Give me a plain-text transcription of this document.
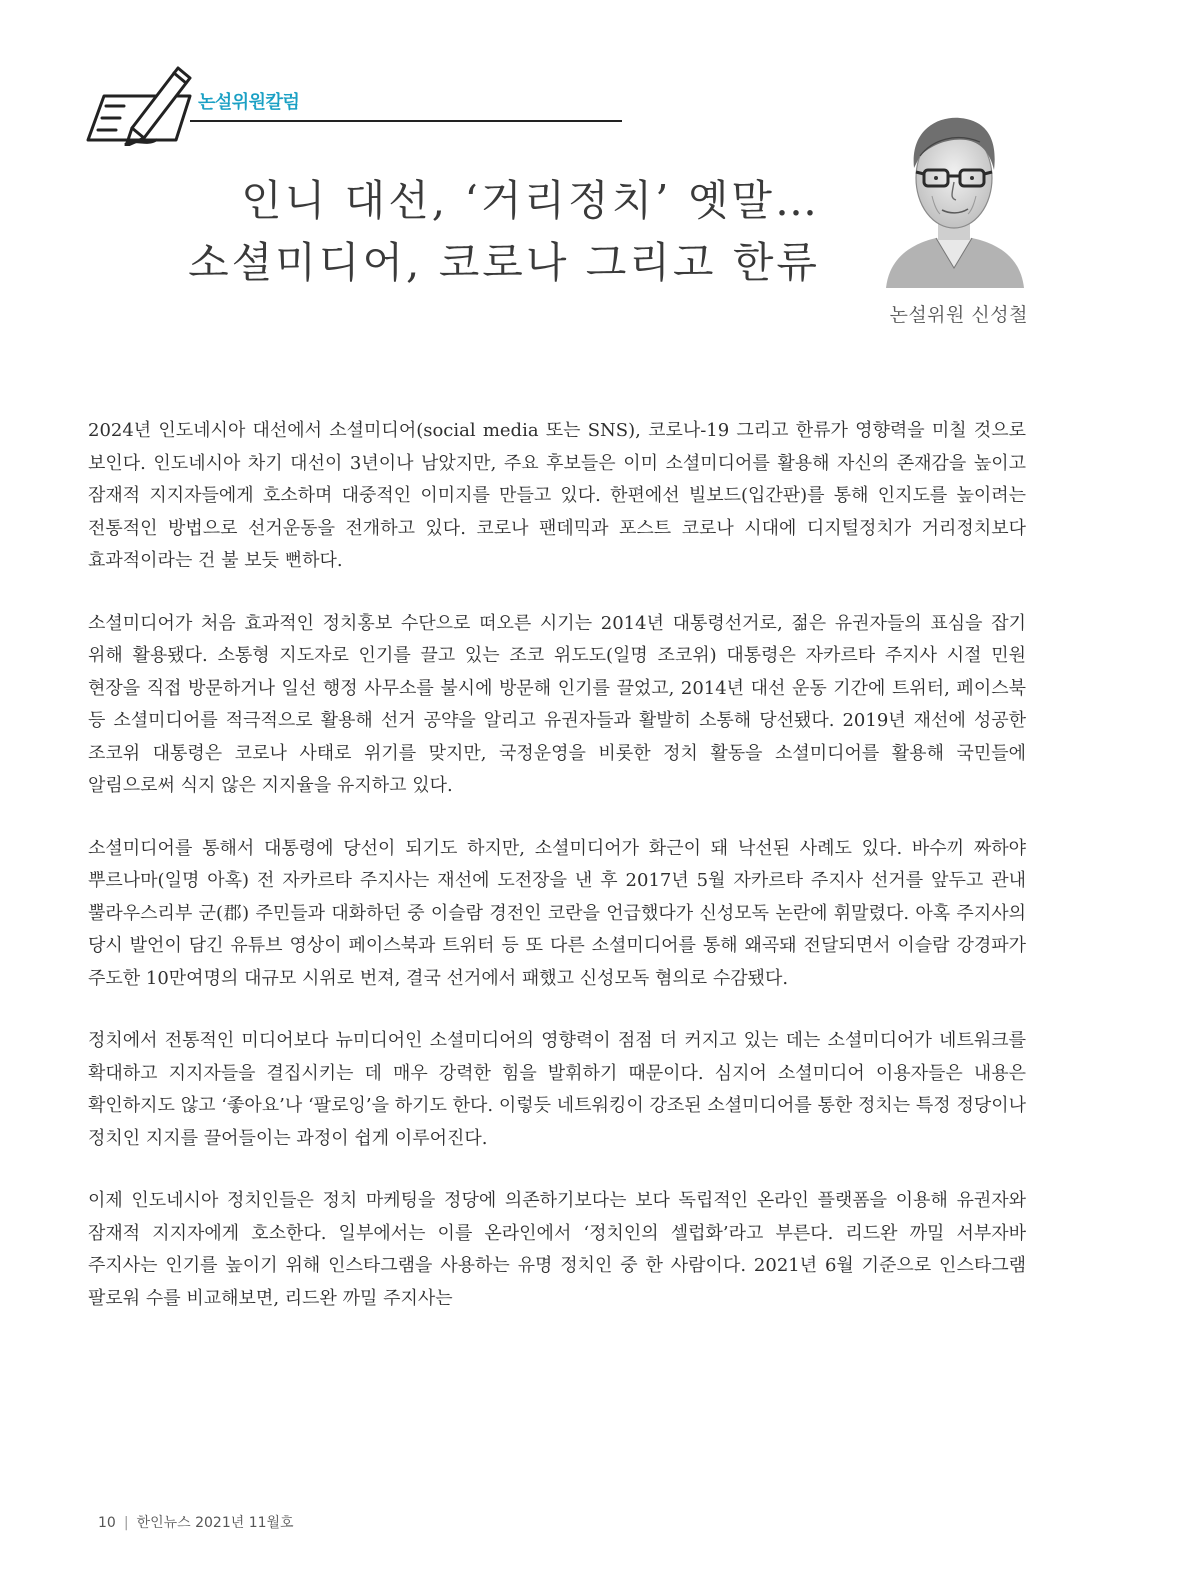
논설위원칼럼
인니 대선, ‘거리정치’ 옛말…
소셜미디어, 코로나 그리고 한류
논설위원 신성철

2024년 인도네시아 대선에서 소셜미디어(social media 또는 SNS), 코로나-19 그리고 한류가 영향력을 미칠 것으로 보인다. 인도네시아 차기 대선이 3년이나 남았지만, 주요 후보들은 이미 소셜미디어를 활용해 자신의 존재감을 높이고 잠재적 지지자들에게 호소하며 대중적인 이미지를 만들고 있다. 한편에선 빌보드(입간판)를 통해 인지도를 높이려는 전통적인 방법으로 선거운동을 전개하고 있다. 코로나 팬데믹과 포스트 코로나 시대에 디지털정치가 거리정치보다 효과적이라는 건 불 보듯 뻔하다.

소셜미디어가 처음 효과적인 정치홍보 수단으로 떠오른 시기는 2014년 대통령선거로, 젊은 유권자들의 표심을 잡기 위해 활용됐다. 소통형 지도자로 인기를 끌고 있는 조코 위도도(일명 조코위) 대통령은 자카르타 주지사 시절 민원 현장을 직접 방문하거나 일선 행정 사무소를 불시에 방문해 인기를 끌었고, 2014년 대선 운동 기간에 트위터, 페이스북 등 소셜미디어를 적극적으로 활용해 선거 공약을 알리고 유권자들과 활발히 소통해 당선됐다. 2019년 재선에 성공한 조코위 대통령은 코로나 사태로 위기를 맞지만, 국정운영을 비롯한 정치 활동을 소셜미디어를 활용해 국민들에 알림으로써 식지 않은 지지율을 유지하고 있다.

소셜미디어를 통해서 대통령에 당선이 되기도 하지만, 소셜미디어가 화근이 돼 낙선된 사례도 있다. 바수끼 짜하야 뿌르나마(일명 아혹) 전 자카르타 주지사는 재선에 도전장을 낸 후 2017년 5월 자카르타 주지사 선거를 앞두고 관내 뿔라우스리부 군(郡) 주민들과 대화하던 중 이슬람 경전인 코란을 언급했다가 신성모독 논란에 휘말렸다. 아혹 주지사의 당시 발언이 담긴 유튜브 영상이 페이스북과 트위터 등 또 다른 소셜미디어를 통해 왜곡돼 전달되면서 이슬람 강경파가 주도한 10만여명의 대규모 시위로 번져, 결국 선거에서 패했고 신성모독 혐의로 수감됐다.

정치에서 전통적인 미디어보다 뉴미디어인 소셜미디어의 영향력이 점점 더 커지고 있는 데는 소셜미디어가 네트워크를 확대하고 지지자들을 결집시키는 데 매우 강력한 힘을 발휘하기 때문이다. 심지어 소셜미디어 이용자들은 내용은 확인하지도 않고 ‘좋아요’나 ‘팔로잉’을 하기도 한다. 이렇듯 네트워킹이 강조된 소셜미디어를 통한 정치는 특정 정당이나 정치인 지지를 끌어들이는 과정이 쉽게 이루어진다.

이제 인도네시아 정치인들은 정치 마케팅을 정당에 의존하기보다는 보다 독립적인 온라인 플랫폼을 이용해 유권자와 잠재적 지지자에게 호소한다. 일부에서는 이를 온라인에서 ‘정치인의 셀럽화’라고 부른다. 리드완 까밀 서부자바 주지사는 인기를 높이기 위해 인스타그램을 사용하는 유명 정치인 중 한 사람이다. 2021년 6월 기준으로 인스타그램 팔로워 수를 비교해보면, 리드완 까밀 주지사는

10 | 한인뉴스 2021년 11월호
